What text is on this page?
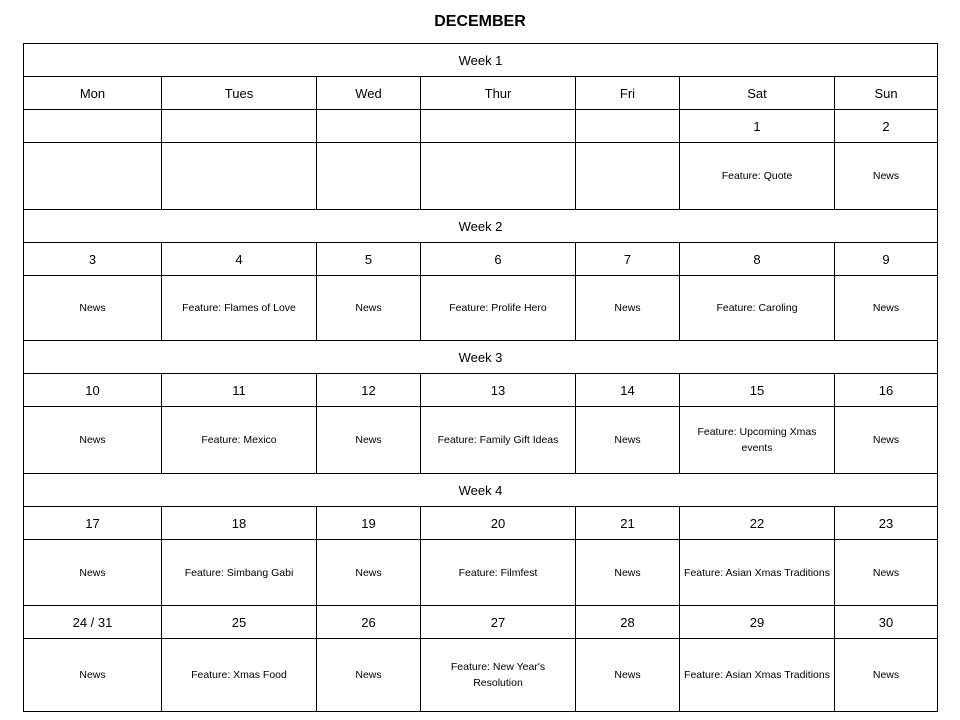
DECEMBER
Week 1						
Mon	Tues	Wed	Thur	Fri	Sat	Sun
					1	2
					Feature: Quote	News
Week 2						
3	4	5	6	7	8	9
News	Feature: Flames of Love	News	Feature: Prolife Hero	News	Feature: Caroling	News
Week 3						
10	11	12	13	14	15	16
News	Feature: Mexico	News	Feature: Family Gift Ideas	News	Feature: Upcoming Xmas events	News
Week 4						
17	18	19	20	21	22	23
News	Feature: Simbang Gabi	News	Feature: Filmfest	News	Feature: Asian Xmas Traditions	News
24 / 31	25	26	27	28	29	30
News	Feature: Xmas Food	News	Feature: New Year's Resolution	News	Feature: Asian Xmas Traditions	News
